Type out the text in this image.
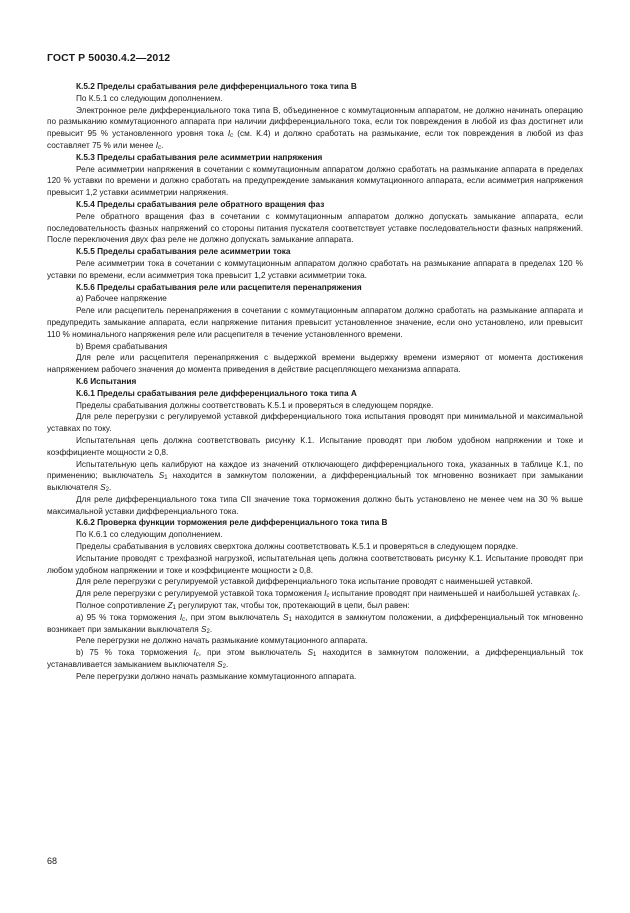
ГОСТ Р 50030.4.2—2012

К.5.2 Пределы срабатывания реле дифференциального тока типа В

По К.5.1 со следующим дополнением.

Электронное реле дифференциального тока типа В, объединенное с коммутационным аппаратом, не должно начинать операцию по размыканию коммутационного аппарата при наличии дифференциального тока, если ток повреждения в любой из фаз достигнет или превысит 95 % установленного уровня тока $I_c$ (см. К.4) и должно сработать на размыкание, если ток повреждения в любой из фаз составляет 75 % или менее $I_c$.

К.5.3 Пределы срабатывания реле асимметрии напряжения

Реле асимметрии напряжения в сочетании с коммутационным аппаратом должно сработать на размыкание аппарата в пределах 120 % уставки по времени и должно сработать на предупреждение замыкания коммутационного аппарата, если асимметрия напряжения превысит 1,2 уставки асимметрии напряжения.

К.5.4 Пределы срабатывания реле обратного вращения фаз

Реле обратного вращения фаз в сочетании с коммутационным аппаратом должно допускать замыкание аппарата, если последовательность фазных напряжений со стороны питания пускателя соответствует уставке последовательности фазных напряжений. После переключения двух фаз реле не должно допускать замыкание аппарата.

К.5.5 Пределы срабатывания реле асимметрии тока

Реле асимметрии тока в сочетании с коммутационным аппаратом должно сработать на размыкание аппарата в пределах 120 % уставки по времени, если асимметрия тока превысит 1,2 уставки асимметрии тока.

К.5.6 Пределы срабатывания реле или расцепителя перенапряжения

а) Рабочее напряжение

Реле или расцепитель перенапряжения в сочетании с коммутационным аппаратом должно сработать на размыкание аппарата и предупредить замыкание аппарата, если напряжение питания превысит установленное значение, если оно установлено, или превысит 110 % номинального напряжения реле или расцепителя в течение установленного времени.

b) Время срабатывания

Для реле или расцепителя перенапряжения с выдержкой времени выдержку времени измеряют от момента достижения напряжением рабочего значения до момента приведения в действие расцепляющего механизма аппарата.

К.6 Испытания

К.6.1 Пределы срабатывания реле дифференциального тока типа А

Пределы срабатывания должны соответствовать К.5.1 и проверяться в следующем порядке.

Для реле перегрузки с регулируемой уставкой дифференциального тока испытания проводят при минимальной и максимальной уставках по току.

Испытательная цепь должна соответствовать рисунку К.1. Испытание проводят при любом удобном напряжении и токе и коэффициенте мощности ≥ 0,8.

Испытательную цепь калибруют на каждое из значений отключающего дифференциального тока, указанных в таблице К.1, по применению; выключатель $S_1$ находится в замкнутом положении, а дифференциальный ток мгновенно возникает при замыкании выключателя $S_2$.

Для реле дифференциального тока типа CII значение тока торможения должно быть установлено не менее чем на 30 % выше максимальной уставки дифференциального тока.

К.6.2 Проверка функции торможения реле дифференциального тока типа В

По К.6.1 со следующим дополнением.

Пределы срабатывания в условиях сверхтока должны соответствовать К.5.1 и проверяться в следующем порядке.

Испытание проводят с трехфазной нагрузкой, испытательная цепь должна соответствовать рисунку К.1. Испытание проводят при любом удобном напряжении и токе и коэффициенте мощности ≥ 0,8.

Для реле перегрузки с регулируемой уставкой дифференциального тока испытание проводят с наименьшей уставкой.

Для реле перегрузки с регулируемой уставкой тока торможения $I_c$ испытание проводят при наименьшей и наибольшей уставках $I_c$.

Полное сопротивление $Z_1$ регулируют так, чтобы ток, протекающий в цепи, был равен:

а) 95 % тока торможения $I_c$, при этом выключатель $S_1$ находится в замкнутом положении, а дифференциальный ток мгновенно возникает при замыкании выключателя $S_2$.

Реле перегрузки не должно начать размыкание коммутационного аппарата.

b) 75 % тока торможения $I_c$, при этом выключатель $S_1$ находится в замкнутом положении, а дифференциальный ток устанавливается замыканием выключателя $S_2$.

Реле перегрузки должно начать размыкание коммутационного аппарата.

68
